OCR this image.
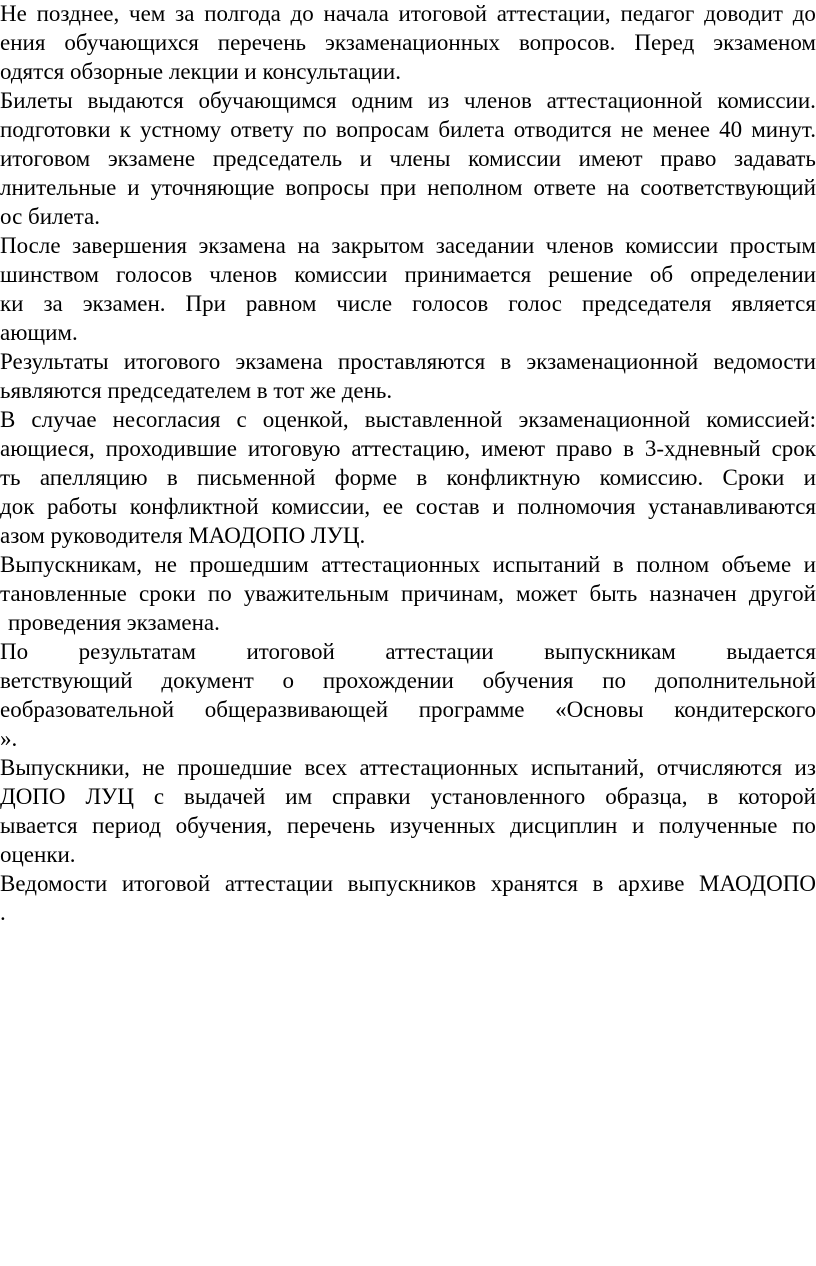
Не позднее, чем за полгода до начала итоговой аттестации, педагог доводит до
ения обучающихся перечень экзаменационных вопросов. Перед экзаменом
одятся обзорные лекции и консультации.
Билеты выдаются обучающимся одним из членов аттестационной комиссии.
подготовки к устному ответу по вопросам билета отводится не менее 40 минут.
итоговом экзамене председатель и члены комиссии имеют право задавать
лнительные и уточняющие вопросы при неполном ответе на соответствующий
ос билета.
После завершения экзамена на закрытом заседании членов комиссии простым
шинством голосов членов комиссии принимается решение об определении
ки за экзамен. При равном числе голосов голос председателя является
ающим.
Результаты итогового экзамена проставляются в экзаменационной ведомости
ьявляются председателем в тот же день.
В случае несогласия с оценкой, выставленной экзаменационной комиссией:
ающиеся, проходившие итоговую аттестацию, имеют право в 3-хдневный срок
ть апелляцию в письменной форме в конфликтную комиссию. Сроки и
док работы конфликтной комиссии, ее состав и полномочия устанавливаются
азом руководителя МАОДОПО ЛУЦ.
Выпускникам, не прошедшим аттестационных испытаний в полном объеме и
тановленные сроки по уважительным причинам, может быть назначен другой
проведения экзамена.
По результатам итоговой аттестации выпускникам выдается
ветствующий документ о прохождении обучения по дополнительной
еобразовательной общеразвивающей программе «Основы кондитерского
».
Выпускники, не прошедшие всех аттестационных испытаний, отчисляются из
ДОПО ЛУЦ с выдачей им справки установленного образца, в которой
ывается период обучения, перечень изученных дисциплин и полученные по
оценки.
Ведомости итоговой аттестации выпускников хранятся в архиве МАОДОПО
.
